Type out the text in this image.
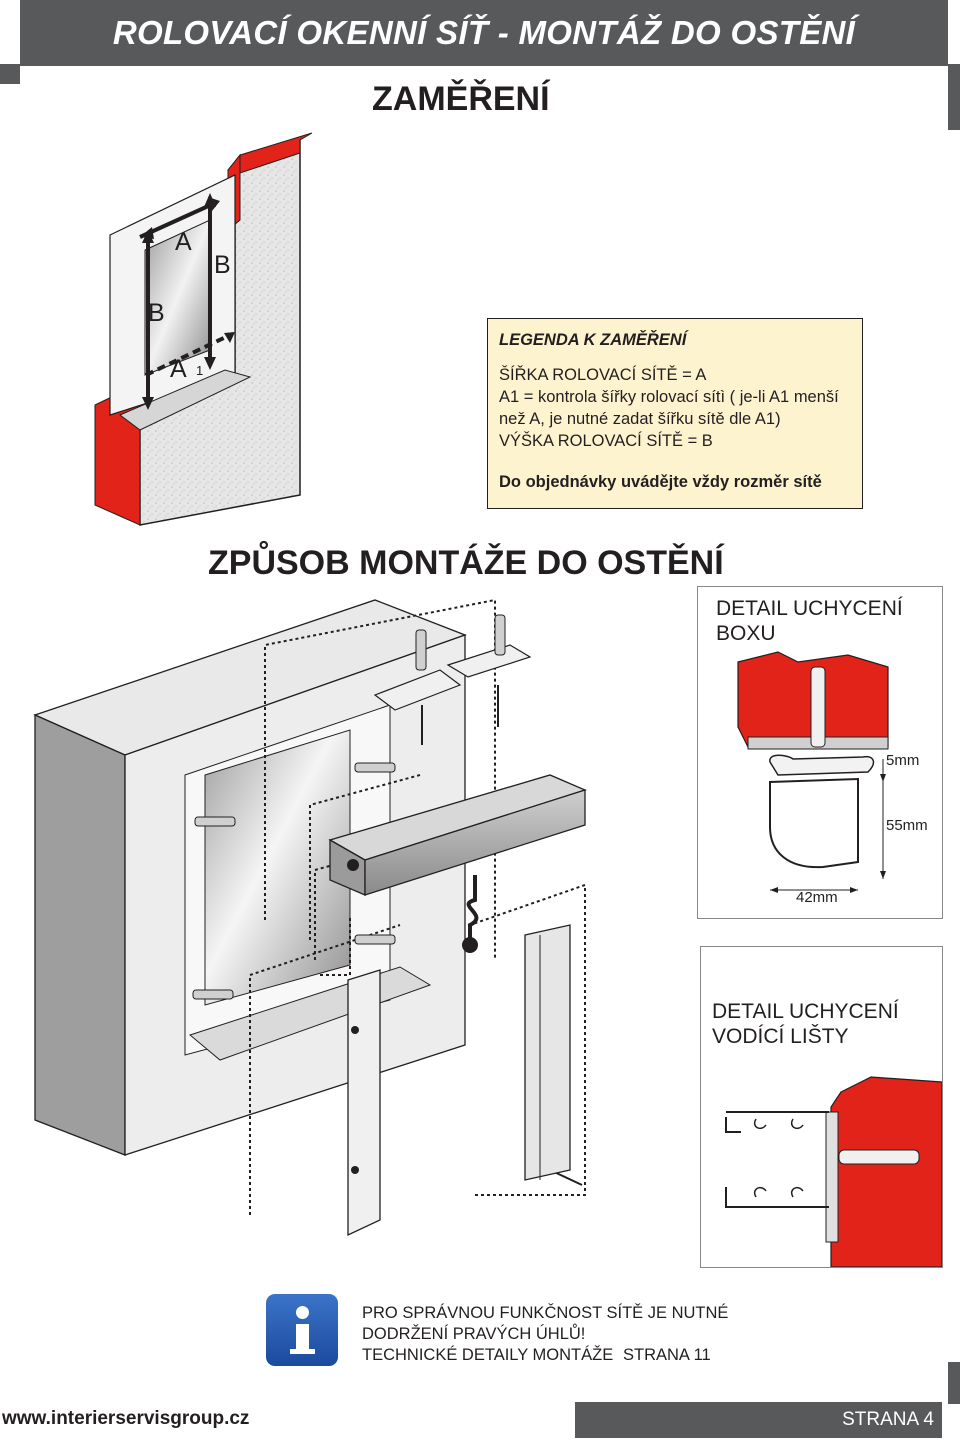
ROLOVACÍ OKENNÍ SÍŤ - MONTÁŽ DO OSTĚNÍ
ZAMĚŘENÍ
A
B
B
A 1
LEGENDA K ZAMĚŘENÍ
ŠÍŘKA ROLOVACÍ SÍTĚ = A
A1 = kontrola šířky rolovací sítì ( je-li A1 menší
než A, je nutné zadat šířku sítě dle A1)
VÝŠKA ROLOVACÍ SÍTĚ = B
Do objednávky uvádějte vždy rozměr sítě
ZPŮSOB MONTÁŽE DO OSTĚNÍ
DETAIL UCHYCENÍ
BOXU
5mm
55mm
42mm
DETAIL UCHYCENÍ
VODÍCÍ LIŠTY
PRO SPRÁVNOU FUNKČNOST SÍTĚ JE NUTNÉ
DODRŽENÍ PRAVÝCH ÚHLŮ!
TECHNICKÉ DETAILY MONTÁŽE STRANA 11
www.interierservisgroup.cz	STRANA 4
